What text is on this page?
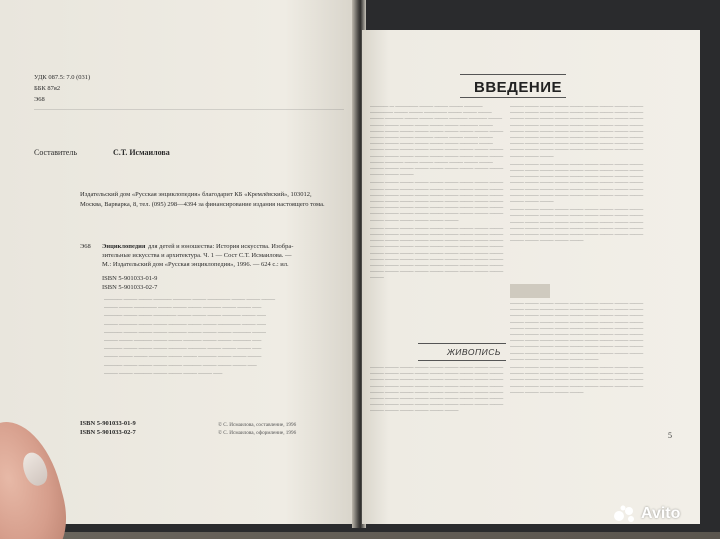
УДК 087.5: 7.0 (031)
ББК 87я2
Э68
Составитель	С.Т. Исмаилова
Издательский дом «Русская энциклопедия» благодарит КБ «Кремлёвский», 103012,
Москва, Варварка, 8, тел. (095) 298—4394 за финансирование издания настоящего тома.
Э68 Энциклопедия для детей и юношества: История искусства. Изобра-
зительные искусства и архитектура. Ч. 1 — Сост С.Т. Исмаилова. —
М.: Издательский дом «Русская энциклопедия», 1996. — 624 с.: ил.
ISBN 5-901033-01-9
ISBN 5-901033-02-7

———— ——— ——— ———— ———— ——— ————— ——— ——— ———

——— ——— ————— ——— ——— ——— ———— ——— ——— ——

———— ——— ——— ————— ——— ——— ——— ———— ——— ——

——— ———— ——— ——— ———— ——— ——— ————— ——— ——

———— ——— ——— ——— ———— ——— ——— ——— ———— ———

——— ——— ———— ——— ——— ———— ——— ——— ———— ——

———— ——— ——— ——— ———— ———— ——— ——— ——— ——

——— ——— ——— ———— ——— ——— ———— ——— ——— ———

———— ——— ——— ——— ——— ———— ——— ——— ——— ——

——— ——— ———— ——— ——— ——— ——— ——

ISBN 5-901033-01-9
ISBN 5-901033-02-7
© С. Исмаилова, составление, 1996
© С. Исмаилова, оформление, 1996
ВВЕДЕНИЕ

———— — ————— ——— ——— ——— ———— ————— ——— ——— ————— ——— ——— ——— ——— ———— ——— ——— ——— ———— ———— ——— ——— ——— ——— ——— ——— ——— ———— ——— ——— ——— ——— ——— ——— ——— ——— ——— ——— ——— ——— ——— ———— ——— ——— ——— ——— ——— ——— ——— ——— ——— ——— ———— ——— ——— ——— ——— ——— ——— ——— ——— ——— ——— ——— ——— ——— ——— ——— ——— ——— ——— ——— ——— ———— ——— ——— ——— ——— ——— ——— ——— ——— ——— ——— ——— ——— ——— ——— ——— ——— ——— ———

——— ——— ——— ——— ——— ——— ——— ——— ——— ——— ——— ——— ——— ——— ——— ——— ——— ——— ——— ——— ——— ——— ——— ——— ——— ——— ——— ——— ——— ——— ——— ——— ——— ——— ——— ——— ——— ——— ——— ——— ——— ——— ——— ——— ——— ——— ——— ——— ——— ——— ——— ——— ——— ——— ——— ——— ——— ——— ——— ———

——— ——— ——— ——— ——— ——— ——— ——— ——— ——— ——— ——— ——— ——— ——— ——— ——— ——— ——— ——— ——— ——— ——— ——— ——— ——— ——— ——— ——— ——— ——— ——— ——— ——— ——— ——— ——— ——— ——— ——— ——— ——— ——— ——— ——— ——— ——— ——— ——— ——— ——— ——— ——— ——— ——— ——— ——— ——— ——— ——— ——— ——— ——— ——— ——— ——— ——— ——— ——— ——— ——— ——— ———

——— ——— ——— ——— ——— ——— ——— ——— ——— ——— ——— ——— ——— ——— ——— ——— ——— ——— ——— ——— ——— ——— ——— ——— ——— ——— ——— ——— ——— ——— ——— ——— ——— ——— ——— ——— ——— ——— ——— ——— ——— ——— ——— ——— ——— ——— ——— ——— ——— ——— ——— ——— ——— ——— ——— ——— ——— ——— ——— ——— ——— ——— ——— ——— ——— ——— ——— ——— ——— ——— ——— ——— ——— ——— ———

——— ——— ——— ——— ——— ——— ——— ——— ——— ——— ——— ——— ——— ——— ——— ——— ——— ——— ——— ——— ——— ——— ——— ——— ——— ——— ——— ——— ——— ——— ——— ——— ——— ——— ——— ——— ——— ——— ——— ——— ——— ——— ——— ——— ——— ——— ——— ——— ——— ——— ——— ——— ——— ——— ——— ——— ———

——— ——— ——— ——— ——— ——— ——— ——— ——— ——— ——— ——— ——— ——— ——— ——— ——— ——— ——— ——— ——— ——— ——— ——— ——— ——— ——— ——— ——— ——— ——— ——— ——— ——— ——— ——— ——— ——— ——— ——— ——— ——— ——— ——— ——— ——— ——— ——— ——— ———

——— ——— ——— ——— ——— ——— ——— ——— ——— ——— ——— ——— ——— ——— ——— ——— ——— ——— ——— ——— ——— ——— ——— ——— ——— ——— ——— ——— ——— ——— ——— ——— ——— ——— ——— ——— ——— ——— ——— ——— ——— ——— ——— ——— ——— ——— ——— ——— ——— ——— ——— ——— ——— ——— ——— ——— ——— ——— ——— ——— ——— ——— ——— ——— ——— ——— ——— ——— ——— ——— ——— ——— ——— ——— ——— ——— ——— ——— ——— ——— ——— ——— ——— ——— ——— ——— ———

——— ——— ——— ——— ——— ——— ——— ——— ——— ——— ——— ——— ——— ——— ——— ——— ——— ——— ——— ——— ——— ——— ——— ——— ——— ——— ——— ——— ——— ——— ——— ——— ——— ——— ——— ——— ——— ——— ——— ——— ———

ЖИВОПИСЬ

——— ——— ——— ——— ——— ——— ——— ——— ——— ——— ——— ——— ——— ——— ——— ——— ——— ——— ——— ——— ——— ——— ——— ——— ——— ——— ——— ——— ——— ——— ——— ——— ——— ——— ——— ——— ——— ——— ——— ——— ——— ——— ——— ——— ——— ——— ——— ——— ——— ——— ——— ——— ——— ——— ——— ——— ——— ——— ——— ——— ——— ——— ——— ——— ——— ——— ——— ——— ———

5
Avito
